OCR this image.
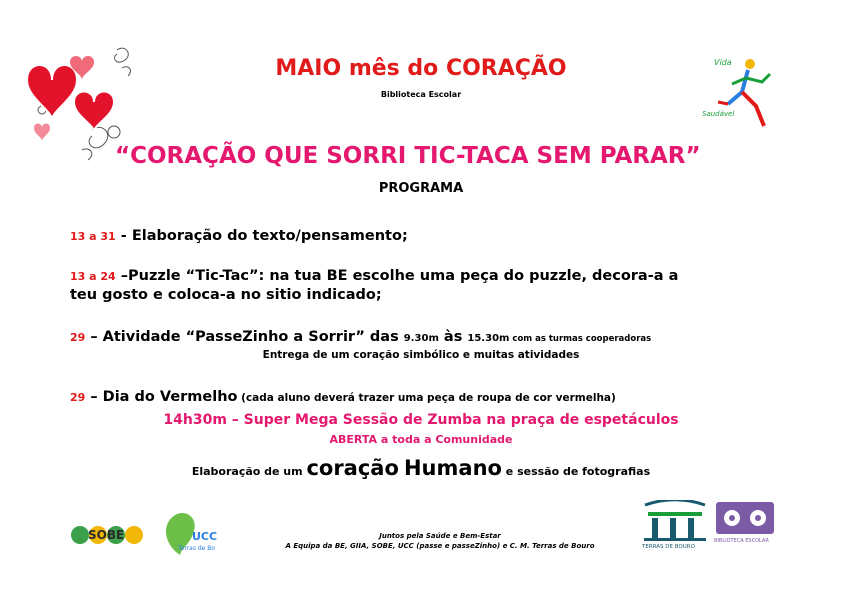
Vida
Saudável
MAIO mês do CORAÇÃO
Biblioteca Escolar
“CORAÇÃO QUE SORRI TIC-TACA SEM PARAR”
PROGRAMA
13 a 31 - Elaboração do texto/pensamento;
13 a 24 –Puzzle “Tic-Tac”: na tua BE escolhe uma peça do puzzle, decora-a a
teu gosto e coloca-a no sitio indicado;
29 – Atividade “PasseZinho a Sorrir” das 9.30m às 15.30m com as turmas cooperadoras
Entrega de um coração simbólico e muitas atividades
29 – Dia do Vermelho (cada aluno deverá trazer uma peça de roupa de cor vermelha)
14h30m – Super Mega Sessão de Zumba na praça de espetáculos
ABERTA a toda a Comunidade
Elaboração de um coração Humano e sessão de fotografias
SOBE	UCC
Terras de Bo
Juntos pela Saúde e Bem-Estar
A Equipa da BE, GIIA, SOBE, UCC (passe e passeZinho) e C. M. Terras de Bouro	TERRAS DE BOURO
BIBLIOTECA ESCOLAR
